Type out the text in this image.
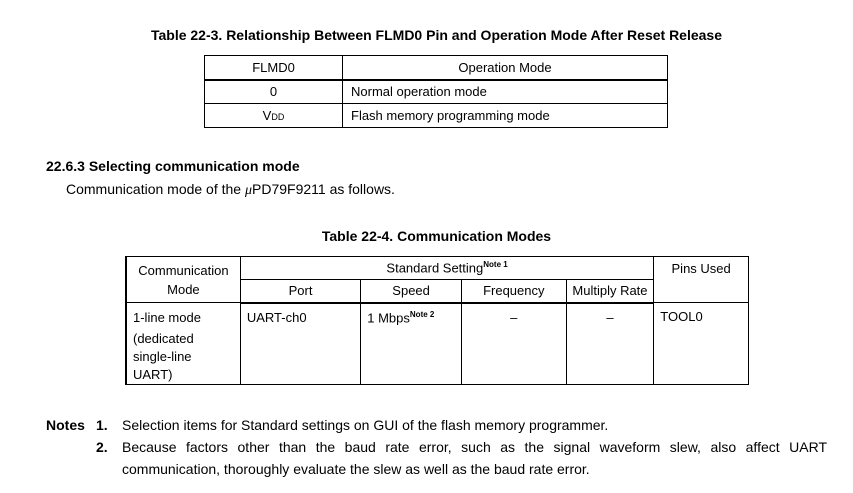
Table 22-3. Relationship Between FLMD0 Pin and Operation Mode After Reset Release
FLMD0	Operation Mode
0	Normal operation mode
VDD	Flash memory programming mode
22.6.3 Selecting communication mode
Communication mode of the μPD79F9211 as follows.
Table 22-4. Communication Modes
Communication
Mode	Standard Setting$^{Note 1}$				Pins Used
	Port	Speed	Frequency	Multiply Rate	

1-line mode
(dedicated
single-line
UART)	UART-ch0	1 Mbps$^{Note 2}$	–	–	TOOL0
Notes 1. Selection items for Standard settings on GUI of the flash memory programmer.
2. Because factors other than the baud rate error, such as the signal waveform slew, also affect UART
communication, thoroughly evaluate the slew as well as the baud rate error.
